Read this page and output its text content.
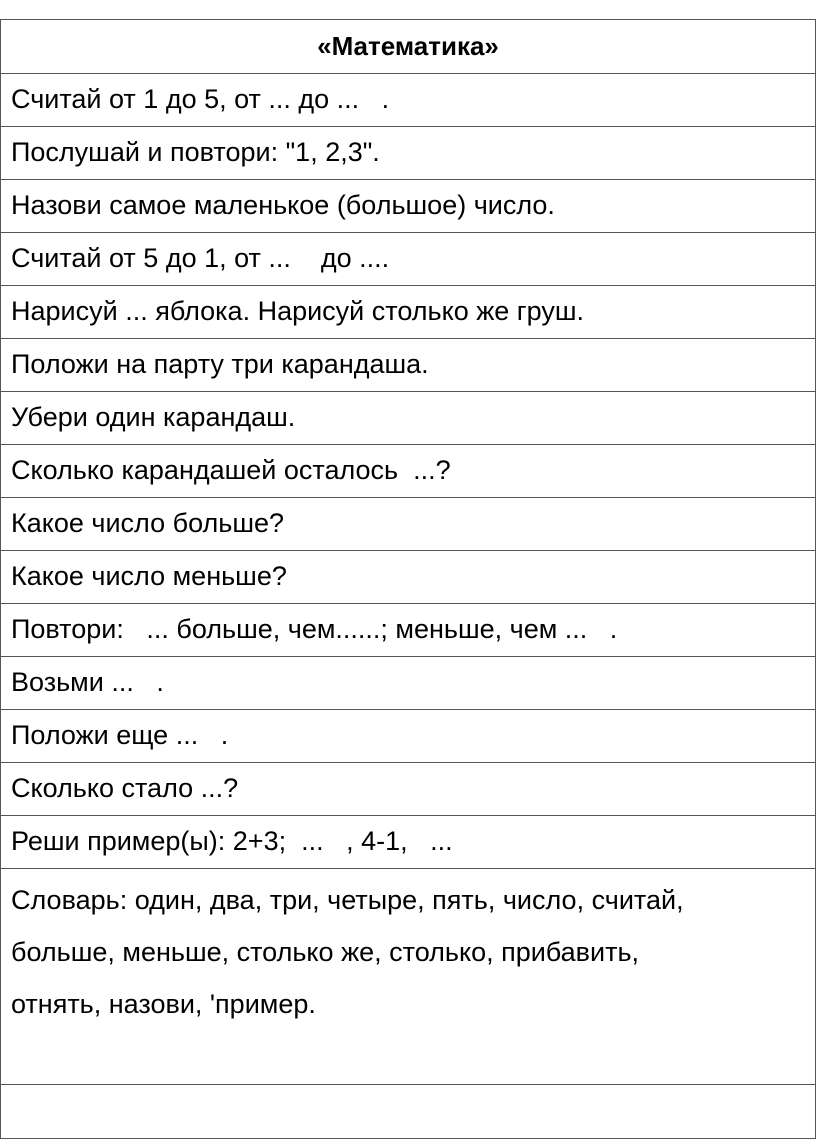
«Математика»
Считай от 1 до 5, от ... до ...   .
Послушай и повтори: "1, 2,3".
Назови самое маленькое (большое) число.
Считай от 5 до 1, от ...    до ....
Нарисуй ... яблока. Нарисуй столько же груш.
Положи на парту три карандаша.
Убери один карандаш.
Сколько карандашей осталось  ...?
Какое число больше?
Какое число меньше?
Повтори:   ... больше, чем......; меньше, чем ...   .
Возьми ...   .
Положи еще ...   .
Сколько стало ...?
Реши пример(ы): 2+3;  ...   , 4-1,   ...
Словарь: один, два, три, четыре, пять, число, считай,
больше, меньше, столько же, столько, прибавить,
отнять, назови, 'пример.
